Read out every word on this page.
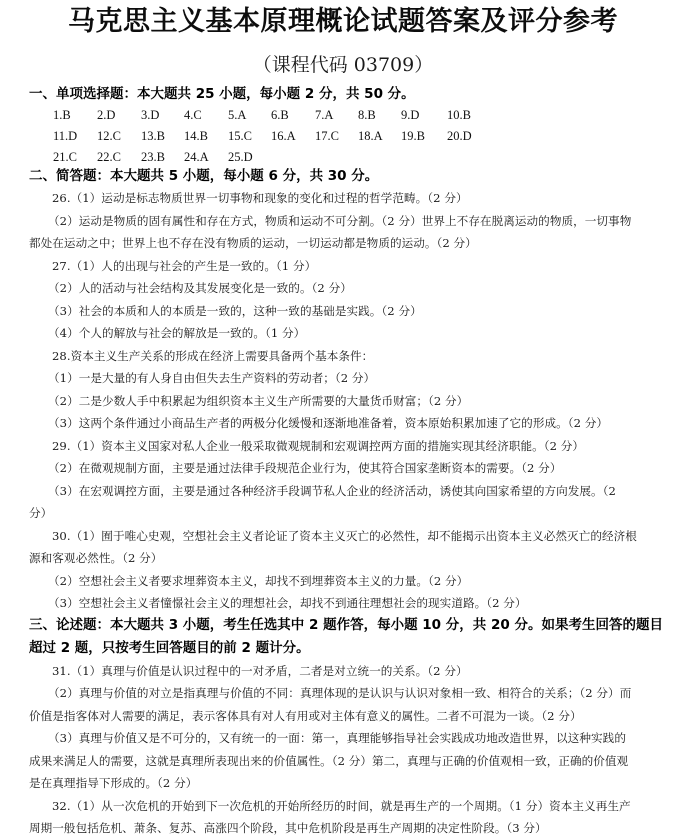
马克思主义基本原理概论试题答案及评分参考
（课程代码 03709）
一、单项选择题：本大题共 25 小题，每小题 2 分，共 50 分。
1.B 2.D 3.D 4.C 5.A 6.B 7.A 8.B 9.D 10.B
11.D 12.C 13.B 14.B 15.C 16.A 17.C 18.A 19.B 20.D
21.C 22.C 23.B 24.A 25.D
二、简答题：本大题共 5 小题，每小题 6 分，共 30 分。
26.（1）运动是标志物质世界一切事物和现象的变化和过程的哲学范畴。（2 分）
（2）运动是物质的固有属性和存在方式，物质和运动不可分割。（2 分）世界上不存在脱离运动的物质，一切事物
都处在运动之中；世界上也不存在没有物质的运动，一切运动都是物质的运动。（2 分）
27.（1）人的出现与社会的产生是一致的。（1 分）
（2）人的活动与社会结构及其发展变化是一致的。（2 分）
（3）社会的本质和人的本质是一致的，这种一致的基础是实践。（2 分）
（4）个人的解放与社会的解放是一致的。（1 分）
28.资本主义生产关系的形成在经济上需要具备两个基本条件：
（1）一是大量的有人身自由但失去生产资料的劳动者；（2 分）
（2）二是少数人手中积累起为组织资本主义生产所需要的大量货币财富；（2 分）
（3）这两个条件通过小商品生产者的两极分化缓慢和逐渐地准备着，资本原始积累加速了它的形成。（2 分）
29.（1）资本主义国家对私人企业一般采取微观规制和宏观调控两方面的措施实现其经济职能。（2 分）
（2）在微观规制方面，主要是通过法律手段规范企业行为，使其符合国家垄断资本的需要。（2 分）
（3）在宏观调控方面，主要是通过各种经济手段调节私人企业的经济活动，诱使其向国家希望的方向发展。（2
分）
30.（1）囿于唯心史观，空想社会主义者论证了资本主义灭亡的必然性，却不能揭示出资本主义必然灭亡的经济根
源和客观必然性。（2 分）
（2）空想社会主义者要求埋葬资本主义，却找不到埋葬资本主义的力量。（2 分）
（3）空想社会主义者憧憬社会主义的理想社会，却找不到通往理想社会的现实道路。（2 分）
三、论述题：本大题共 3 小题，考生任选其中 2 题作答，每小题 10 分，共 20 分。如果考生回答的题目
超过 2 题，只按考生回答题目的前 2 题计分。
31.（1）真理与价值是认识过程中的一对矛盾，二者是对立统一的关系。（2 分）
（2）真理与价值的对立是指真理与价值的不同：真理体现的是认识与认识对象相一致、相符合的关系；（2 分）而
价值是指客体对人需要的满足，表示客体具有对人有用或对主体有意义的属性。二者不可混为一谈。（2 分）
（3）真理与价值又是不可分的，又有统一的一面：第一，真理能够指导社会实践成功地改造世界，以这种实践的
成果来满足人的需要，这就是真理所表现出来的价值属性。（2 分）第二，真理与正确的价值观相一致，正确的价值观
是在真理指导下形成的。（2 分）
32.（1）从一次危机的开始到下一次危机的开始所经历的时间，就是再生产的一个周期。（1 分）资本主义再生产
周期一般包括危机、萧条、复苏、高涨四个阶段，其中危机阶段是再生产周期的决定性阶段。（3 分）
